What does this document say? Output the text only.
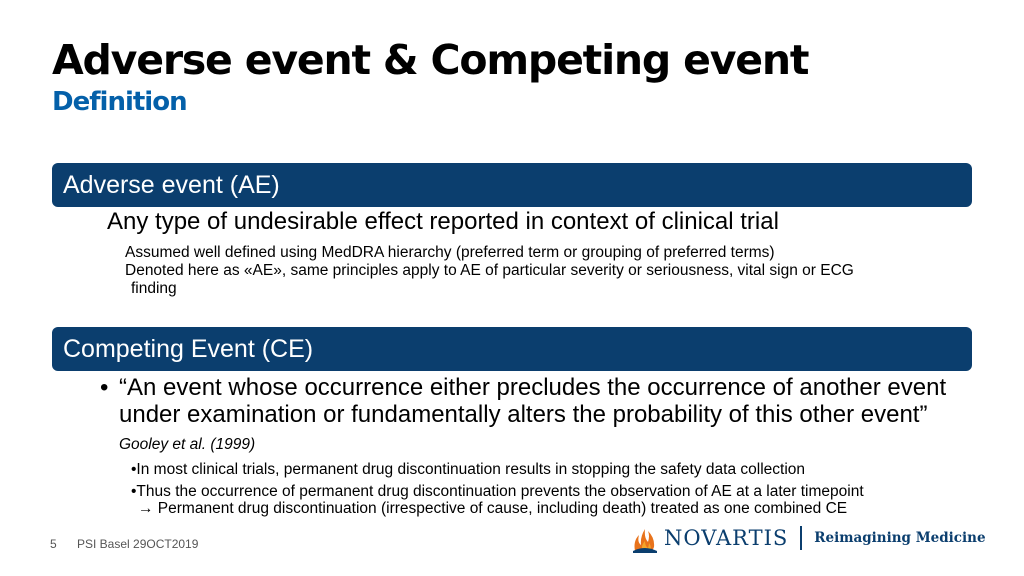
Adverse event & Competing event
Definition
Adverse event (AE)
Any type of undesirable effect reported in context of clinical trial
Assumed well defined using MedDRA hierarchy (preferred term or grouping of preferred terms)
Denoted here as «AE», same principles apply to AE of particular severity or seriousness, vital sign or ECG
finding
Competing Event (CE)
• “An event whose occurrence either precludes the occurrence of another event under examination or fundamentally alters the probability of this other event” Gooley et al. (1999)
•In most clinical trials, permanent drug discontinuation results in stopping the safety data collection
•Thus the occurrence of permanent drug discontinuation prevents the observation of AE at a later timepoint
→ Permanent drug discontinuation (irrespective of cause, including death) treated as one combined CE
5 PSI Basel 29OCT2019	NOVARTIS Reimagining Medicine
